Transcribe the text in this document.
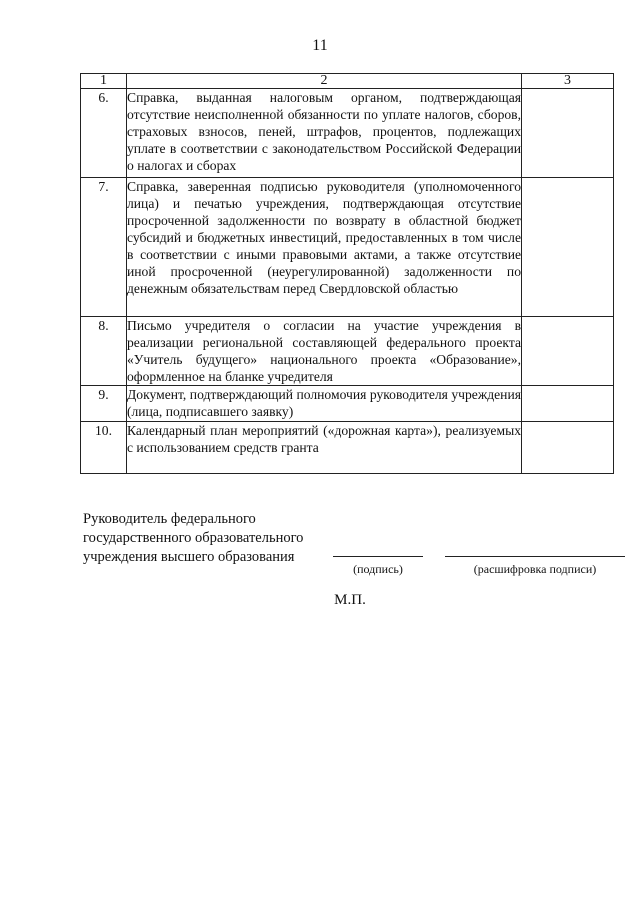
11
1	2	3
6.	Справка, выданная налоговым органом, подтверждающая отсутствие неисполненной обязанности по уплате налогов, сборов, страховых взносов, пеней, штрафов, процентов, подлежащих уплате в соответствии с законодательством Российской Федерации о налогах и сборах	
7.	Справка, заверенная подписью руководителя (уполномоченного лица) и печатью учреждения, подтверждающая отсутствие просроченной задолженности по возврату в областной бюджет субсидий и бюджетных инвестиций, предоставленных в том числе в соответствии с иными правовыми актами, а также отсутствие иной просроченной (неурегулированной) задолженности по денежным обязательствам перед Свердловской областью	
8.	Письмо учредителя о согласии на участие учреждения в реализации региональной составляющей федерального проекта «Учитель будущего» национального проекта «Образование», оформленное на бланке учредителя	
9.	Документ, подтверждающий полномочия руководителя учреждения (лица, подписавшего заявку)	
10.	Календарный план мероприятий («дорожная карта»), реализуемых с использованием средств гранта	
Руководитель федерального
государственного образовательного
учреждения высшего образования
(подпись)	(расшифровка подписи)
М.П.
